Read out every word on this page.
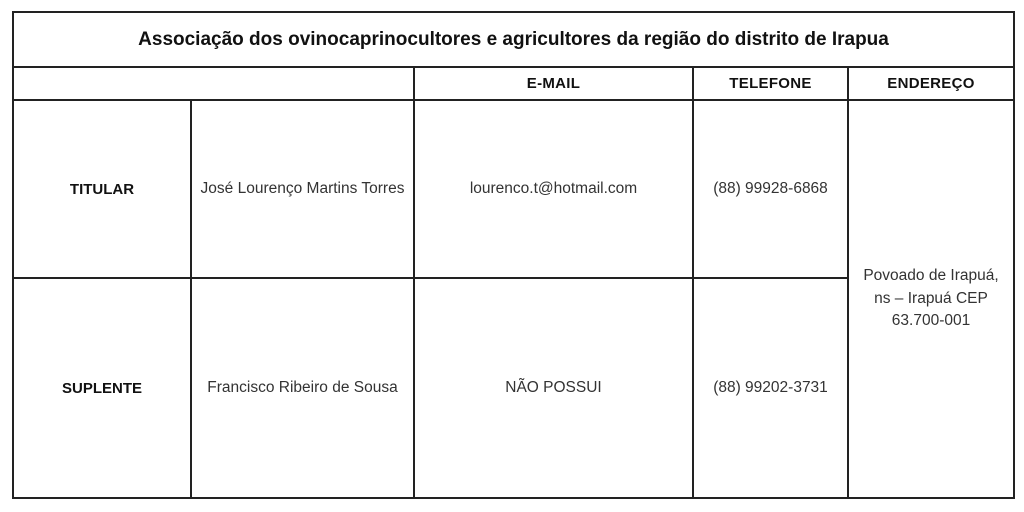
Associação dos ovinocaprinocultores e agricultores da região do distrito de Irapua				
		E-MAIL	TELEFONE	ENDEREÇO
TITULAR	José Lourenço Martins Torres	lourenco.t@hotmail.com	(88) 99928-6868	Povoado de Irapuá, ns – Irapuá CEP 63.700-001
SUPLENTE	Francisco Ribeiro de Sousa	NÃO POSSUI	(88) 99202-3731	
